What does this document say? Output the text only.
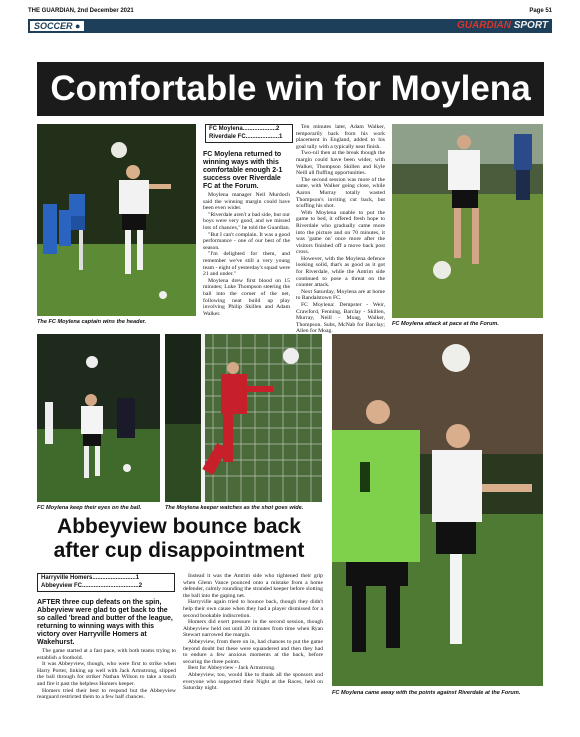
THE GUARDIAN, 2nd December 2021	Page 51
SOCCER ●	GUARDIAN SPORT
Comfortable win for Moylena
The FC Moylena captain wins the header.
FC Moylena....................2
Riverdale FC....................1

FC Moylena returned to winning ways with this comfortable enough 2-1 success over Riverdale FC at the Forum.

Moylena manager Neil Murdoch said the winning margin could have been even wider.

"Riverdale aren't a bad side, but our boys were very good, and we missed lots of chances," he told the Guardian.

"But I can't complain. It was a good performance - one of our best of the season.

"I'm delighted for them, and remember we've still a very young team - eight of yesterday's squad were 21 and under."

Moylena drew first blood on 15 minutes; Luke Thompson steering the ball into the corner of the net, following neat build up play involving Philip Skillen and Adam Walker.

Ten minutes later, Adam Walker, temporarily back from his work placement in England, added to his goal tally with a typically neat finish.

Two-nil then at the break though the margin could have been wider, with Walker, Thompson Skillen and Kyle Neill all fluffing opportunities.

The second session was more of the same, with Walker going close, while Aaron Murray totally wasted Thompson's inviting cut back, but scuffing his shot.

With Moylena unable to put the game to bed, it offered fresh hope to Riverdale who gradually came more into the picture and on 70 minutes, it was 'game on' once more after the visitors finished off a move back post cross.

However, with the Moylena defence looking solid, that's as good as it got for Riverdale, while the Antrim side continued to pose a threat on the counter attack.

Next Saturday, Moylena are at home to Randalstown FC.

FC Moylena: Dempster - Weir, Crawford, Fenning, Barclay - Skillen, Murray, Neill - Moag, Walker, Thompson. Subs, McNab for Barclay; Allen for Moag.

FC Moylena attack at pace at the Forum.
FC Moylena keep their eyes on the ball.	The Moylena keeper watches as the shot goes wide.
FC Moylena came away with the points against Riverdale at the Forum.
Abbeyview bounce back after cup disappointment
Harryville Homers..........................1
Abbeyview FC..................................2

AFTER three cup defeats on the spin, Abbeyview were glad to get back to the so called 'bread and butter of the league, returning to winning ways with this victory over Harryville Homers at Wakehurst.

The game started at a fast pace, with both teams trying to establish a foothold.

It was Abbeyview, though, who were first to strike when Harry Porter, linking up well with Jack Armstrong, slipped the ball through for striker Nathan Wilson to take a touch and fire it past the helpless Homers keeper.

Homers tried their best to respond but the Abbeyview rearguard restricted them to a few half chances.

Instead it was the Antrim side who tightened their grip when Glenn Vance pounced onto a mistake from a home defender, calmly rounding the stranded keeper before slotting the ball into the gaping net.

Harryville again tried to bounce back, though they didn't help their own cause when they had a player dismissed for a second bookable indiscretion.

Homers did exert pressure in the second session, though Abbeyview held out until 20 minutes from time when Ryan Stewart narrowed the margin.

Abbeyview, from there on in, had chances to put the game beyond doubt but these were squandered and then they had to endure a few anxious moments at the back, before securing the three points.

Best for Abbeyview - Jack Armstrong.

Abbeyview, too, would like to thank all the sponsors and everyone who supported their Night at the Races, held on Saturday night.
